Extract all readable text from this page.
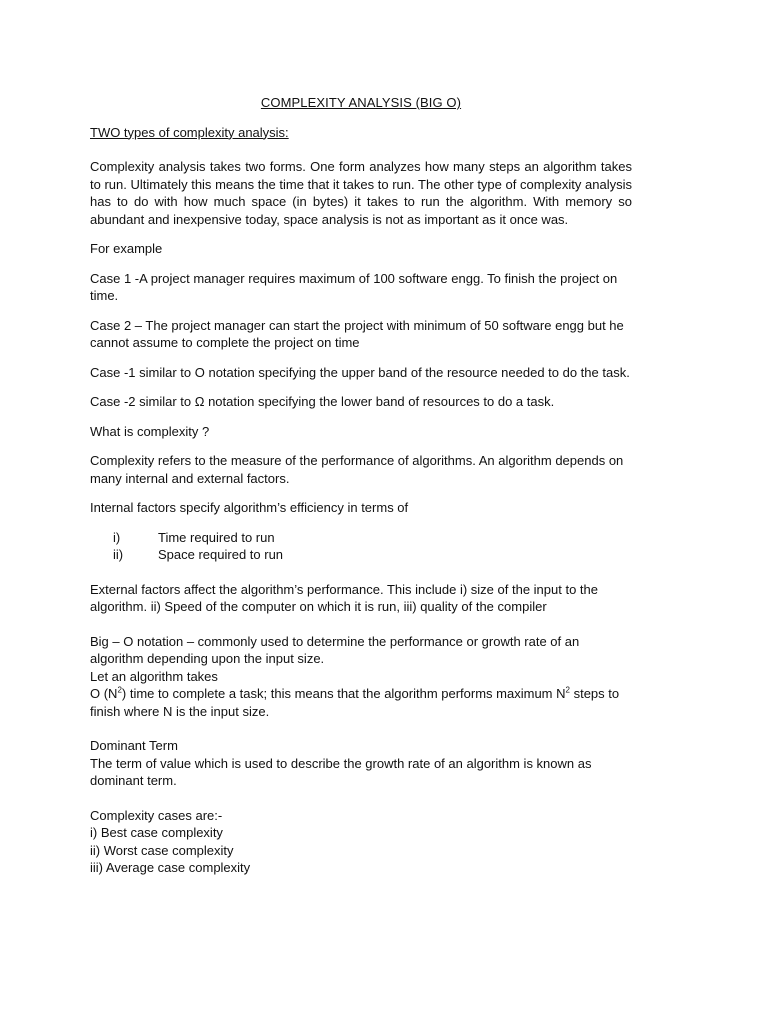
COMPLEXITY ANALYSIS (BIG O)
TWO types of complexity analysis:

Complexity analysis takes two forms. One form analyzes how many steps an algorithm takes to run. Ultimately this means the time that it takes to run. The other type of complexity analysis has to do with how much space (in bytes) it takes to run the algorithm. With memory so abundant and inexpensive today, space analysis is not as important as it once was.

For example

Case 1 -A project manager requires maximum of 100 software engg. To finish the project on time.

Case 2 – The project manager can start the project with minimum of 50 software engg but he cannot assume to complete the project on time

Case -1 similar to O notation specifying the upper band of the resource needed to do the task.

Case -2 similar to Ω notation specifying the lower band of resources to do a task.

What is complexity ?

Complexity refers to the measure of the performance of algorithms. An algorithm depends on many internal and external factors.

Internal factors specify algorithm’s efficiency in terms of

i)	Time required to run
ii)	Space required to run

External factors affect the algorithm’s performance. This include i) size of the input to the algorithm. ii) Speed of the computer on which it is run, iii) quality of the compiler

Big – O notation – commonly used to determine the performance or growth rate of an algorithm depending upon the input size.
Let an algorithm takes
O $(N^2)$ time to complete a task; this means that the algorithm performs maximum $N^2$ steps to finish where N is the input size.
Dominant Term
The term of value which is used to describe the growth rate of an algorithm is known as dominant term.
Complexity cases are:-
i) Best case complexity
ii) Worst case complexity
iii) Average case complexity
